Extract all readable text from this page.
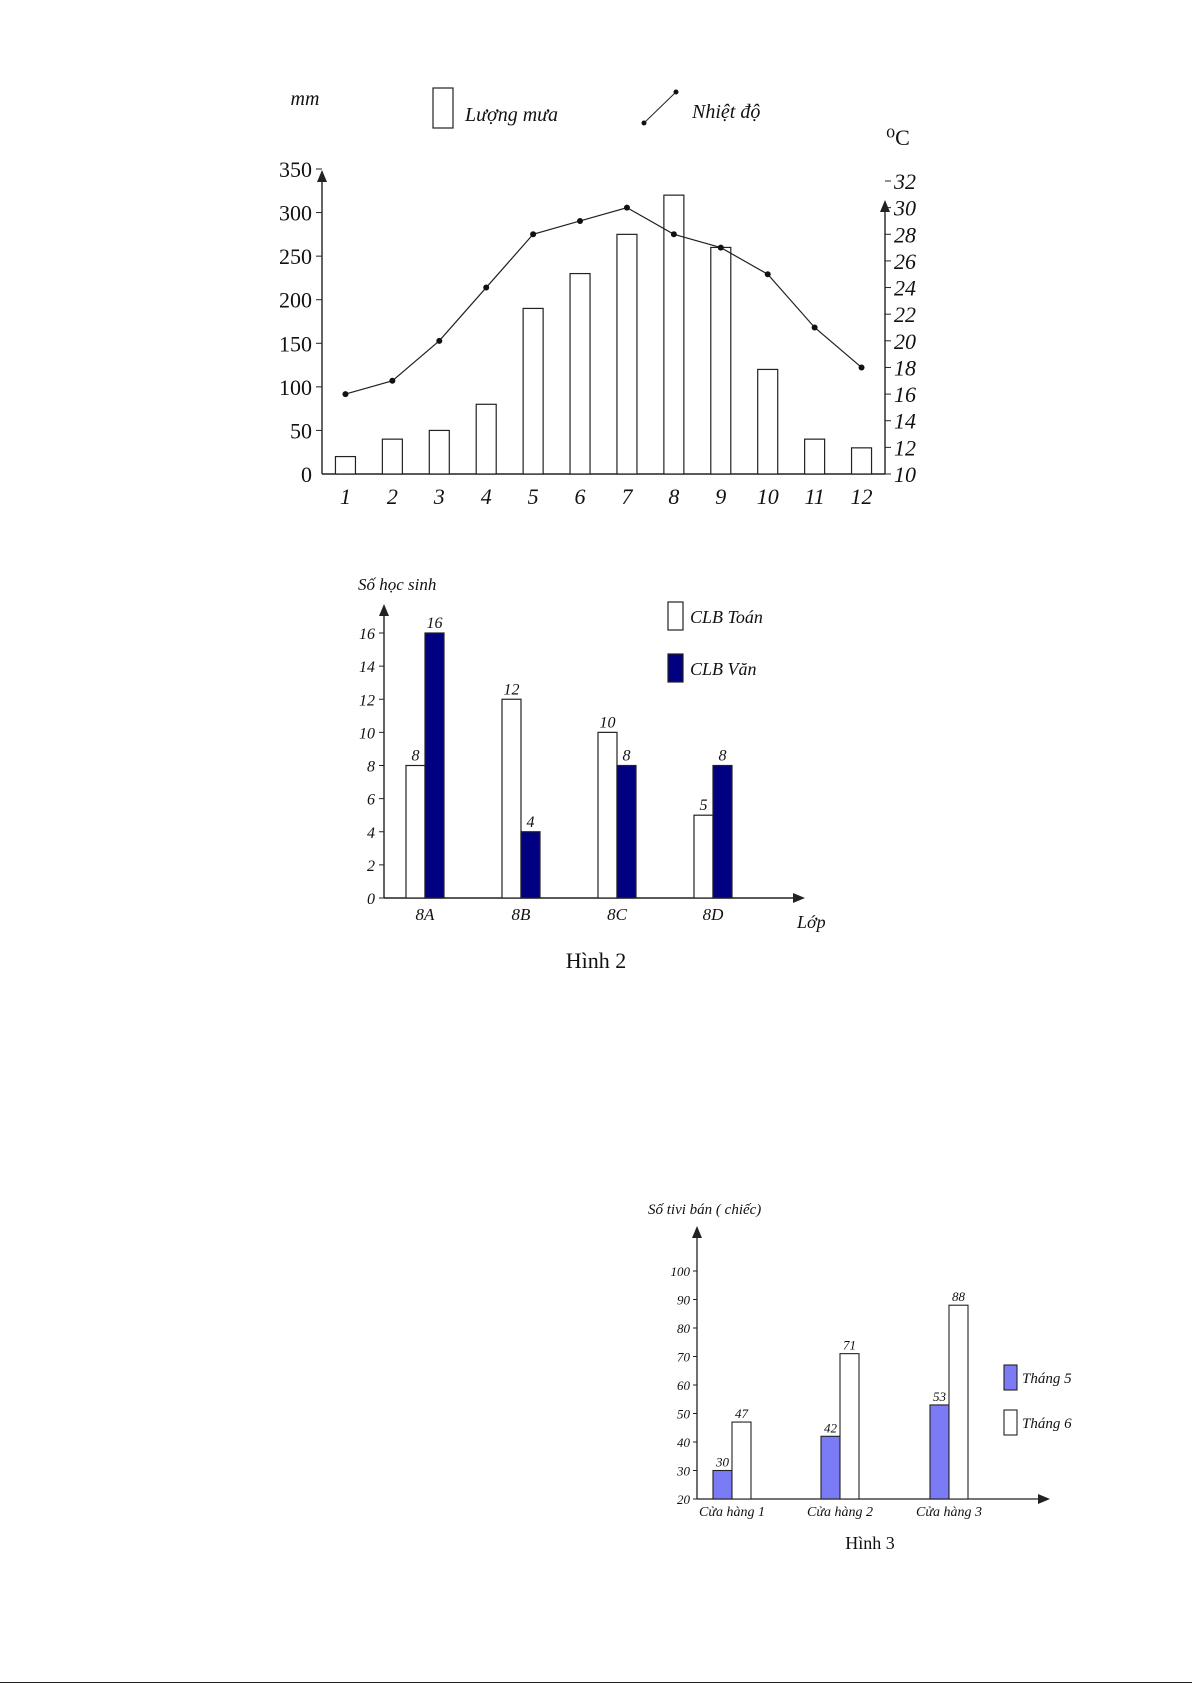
0
50
100
150
200
250
300
350
10
12
14
16
18
20
22
24
26
28
30
32
mm
⁰C
1 2 3 4 5 6 7 8 9 10 11 12
Lượng mưa	Nhiệt độ
0
2
4
6
8
10
12
14
16
Số học sinh
Lớp
8
16
8A
12
4
8B
10
8
8C
5
8
8D
CLB Toán
CLB Văn
Hình 2
20
30
40
50
60
70
80
90
100
Số tivi bán ( chiếc)
30
47
Cửa hàng 1
42
71
Cửa hàng 2
53
88
Cửa hàng 3
Tháng 5
Tháng 6
Hình 3
